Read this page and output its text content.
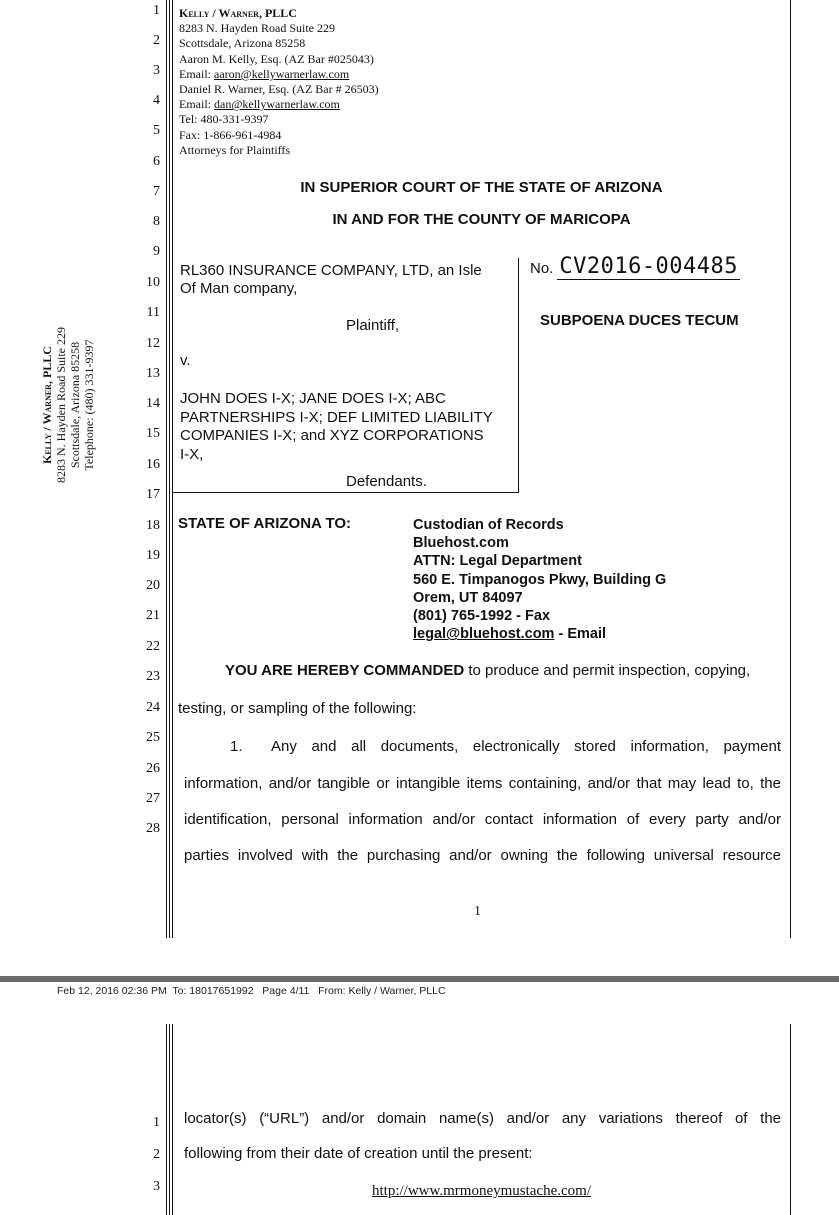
1
2
3
4
5
6
7
8
9
10
11
12
13
14
15
16
17
18
19
20
21
22
23
24
25
26
27
28
Kelly / Warner, PLLC 8283 N. Hayden Road Suite 229 Scottsdale, Arizona 85258 Telephone: (480) 331-9397
Kelly / Warner, PLLC
8283 N. Hayden Road Suite 229
Scottsdale, Arizona 85258
Aaron M. Kelly, Esq. (AZ Bar #025043)
Email: aaron@kellywarnerlaw.com
Daniel R. Warner, Esq. (AZ Bar # 26503)
Email: dan@kellywarnerlaw.com
Tel: 480-331-9397
Fax: 1-866-961-4984
Attorneys for Plaintiffs
IN SUPERIOR COURT OF THE STATE OF ARIZONA
IN AND FOR THE COUNTY OF MARICOPA
RL360 INSURANCE COMPANY, LTD, an Isle
Of Man company,
Plaintiff,
v.
JOHN DOES I-X; JANE DOES I-X; ABC
PARTNERSHIPS I-X; DEF LIMITED LIABILITY
COMPANIES I-X; and XYZ CORPORATIONS
I-X,
Defendants.
No. CV2016-004485
SUBPOENA DUCES TECUM
STATE OF ARIZONA TO:	Custodian of Records
Bluehost.com
ATTN: Legal Department
560 E. Timpanogos Pkwy, Building G
Orem, UT 84097
(801) 765-1992 - Fax
legal@bluehost.com - Email
YOU ARE HEREBY COMMANDED to produce and permit inspection, copying,
testing, or sampling of the following:
1. Any and all documents, electronically stored information, payment
information, and/or tangible or intangible items containing, and/or that may lead to, the
identification, personal information and/or contact information of every party and/or
parties involved with the purchasing and/or owning the following universal resource
1
Feb 12, 2016 02:36 PM  To: 18017651992   Page 4/11   From: Kelly / Warner, PLLC
1
2
3
locator(s) (“URL”) and/or domain name(s) and/or any variations thereof of the
following from their date of creation until the present:
http://www.mrmoneymustache.com/
